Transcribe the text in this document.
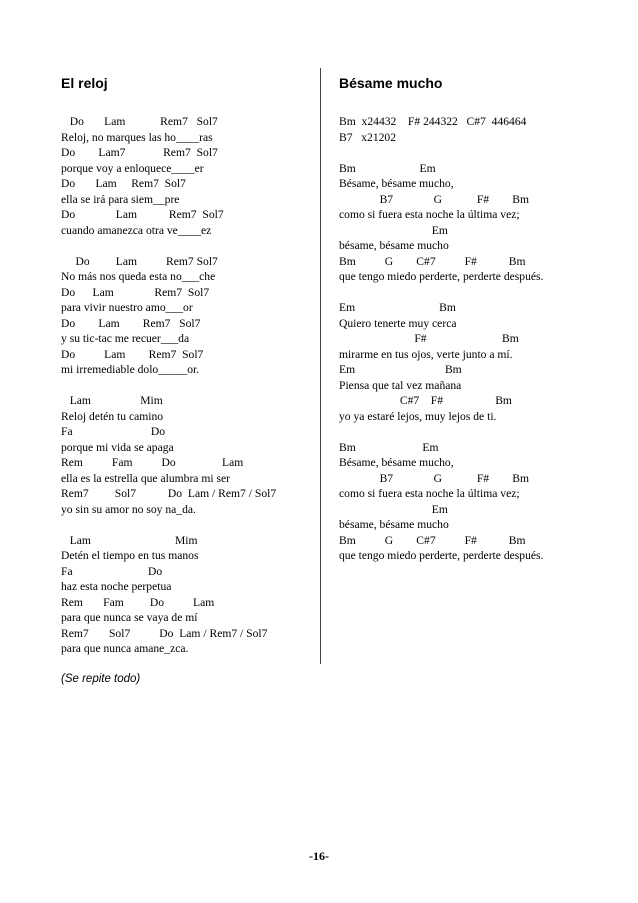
El reloj
Do       Lam            Rem7   Sol7
Reloj, no marques las ho____ras
Do        Lam7             Rem7  Sol7
porque voy a enloquece____er
Do       Lam     Rem7  Sol7
ella se irá para siem__pre
Do              Lam           Rem7  Sol7
cuando amanezca otra ve____ez
Do         Lam          Rem7 Sol7
No más nos queda esta no___che
Do      Lam              Rem7  Sol7
para vivir nuestro amo___or
Do        Lam        Rem7   Sol7
y su tic-tac me recuer___da
Do          Lam        Rem7  Sol7
mi irremediable dolo_____or.
Lam                 Mim
Reloj detén tu camino
Fa                           Do
porque mi vida se apaga
Rem          Fam          Do                Lam
ella es la estrella que alumbra mi ser
Rem7         Sol7           Do  Lam / Rem7 / Sol7
yo sin su amor no soy na_da.
Lam                             Mim
Detén el tiempo en tus manos
Fa                          Do
haz esta noche perpetua
Rem       Fam         Do          Lam
para que nunca se vaya de mí
Rem7       Sol7          Do  Lam / Rem7 / Sol7
para que nunca amane_zca.
(Se repite todo)
Bésame mucho
Bm  x24432    F# 244322   C#7  446464
B7   x21202
Bm                      Em
Bésame, bésame mucho,
B7              G            F#        Bm
como si fuera esta noche la última vez;
Em
bésame, bésame mucho
Bm          G        C#7          F#           Bm
que tengo miedo perderte, perderte después.
Em                             Bm
Quiero tenerte muy cerca
F#                          Bm
mirarme en tus ojos, verte junto a mí.
Em                               Bm
Piensa que tal vez mañana
C#7    F#                  Bm
yo ya estaré lejos, muy lejos de ti.
Bm                       Em
Bésame, bésame mucho,
B7              G            F#        Bm
como si fuera esta noche la última vez;
Em
bésame, bésame mucho
Bm          G        C#7          F#           Bm
que tengo miedo perderte, perderte después.
-16-
